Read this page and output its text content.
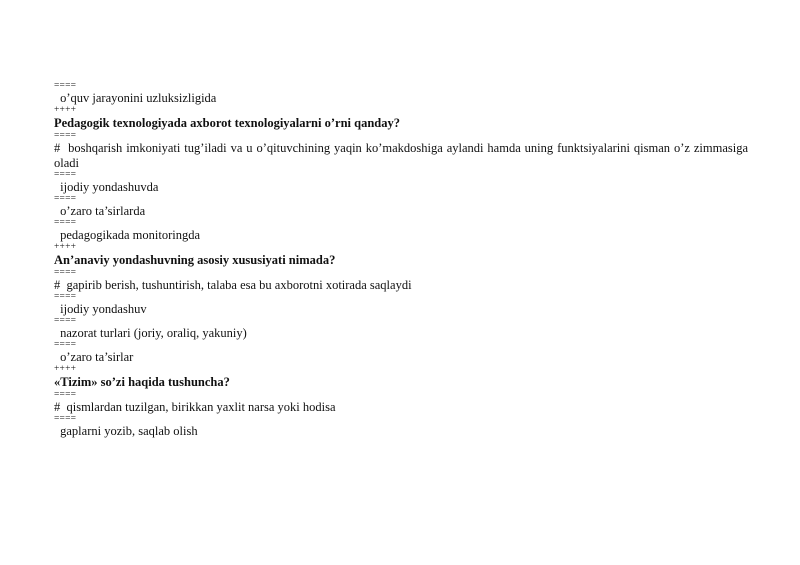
====
o’quv jarayonini uzluksizligida
++++
Pedagogik texnologiyada axborot texnologiyalarni o’rni qanday?
====
#  boshqarish imkoniyati tug’iladi va u o’qituvchining yaqin ko’makdoshiga aylandi hamda uning funktsiyalarini qisman o’z zimmasiga oladi
====
ijodiy yondashuvda
====
o’zaro ta’sirlarda
====
pedagogikada monitoringda
++++
An’anaviy yondashuvning asosiy xususiyati nimada?
====
#  gapirib berish, tushuntirish, talaba esa bu axborotni xotirada saqlaydi
====
ijodiy yondashuv
====
nazorat turlari (joriy, oraliq, yakuniy)
====
o’zaro ta’sirlar
++++
«Tizim» so’zi haqida tushuncha?
====
#  qismlardan tuzilgan, birikkan yaxlit narsa yoki hodisa
====
gaplarni yozib, saqlab olish
